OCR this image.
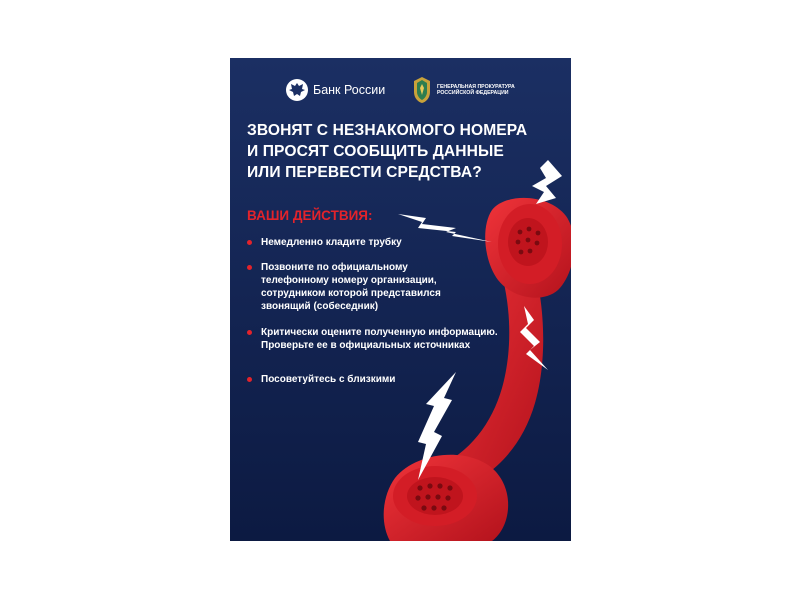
Банк России	ГЕНЕРАЛЬНАЯ ПРОКУРАТУРА РОССИЙСКОЙ ФЕДЕРАЦИИ
ЗВОНЯТ С НЕЗНАКОМОГО НОМЕРА
И ПРОСЯТ СООБЩИТЬ ДАННЫЕ
ИЛИ ПЕРЕВЕСТИ СРЕДСТВА?
ВАШИ ДЕЙСТВИЯ:
Немедленно кладите трубку
Позвоните по официальному телефонному номеру организации, сотрудником которой представился звонящий (собеседник)
Критически оцените полученную информацию. Проверьте ее в официальных источниках
Посоветуйтесь с близкими
